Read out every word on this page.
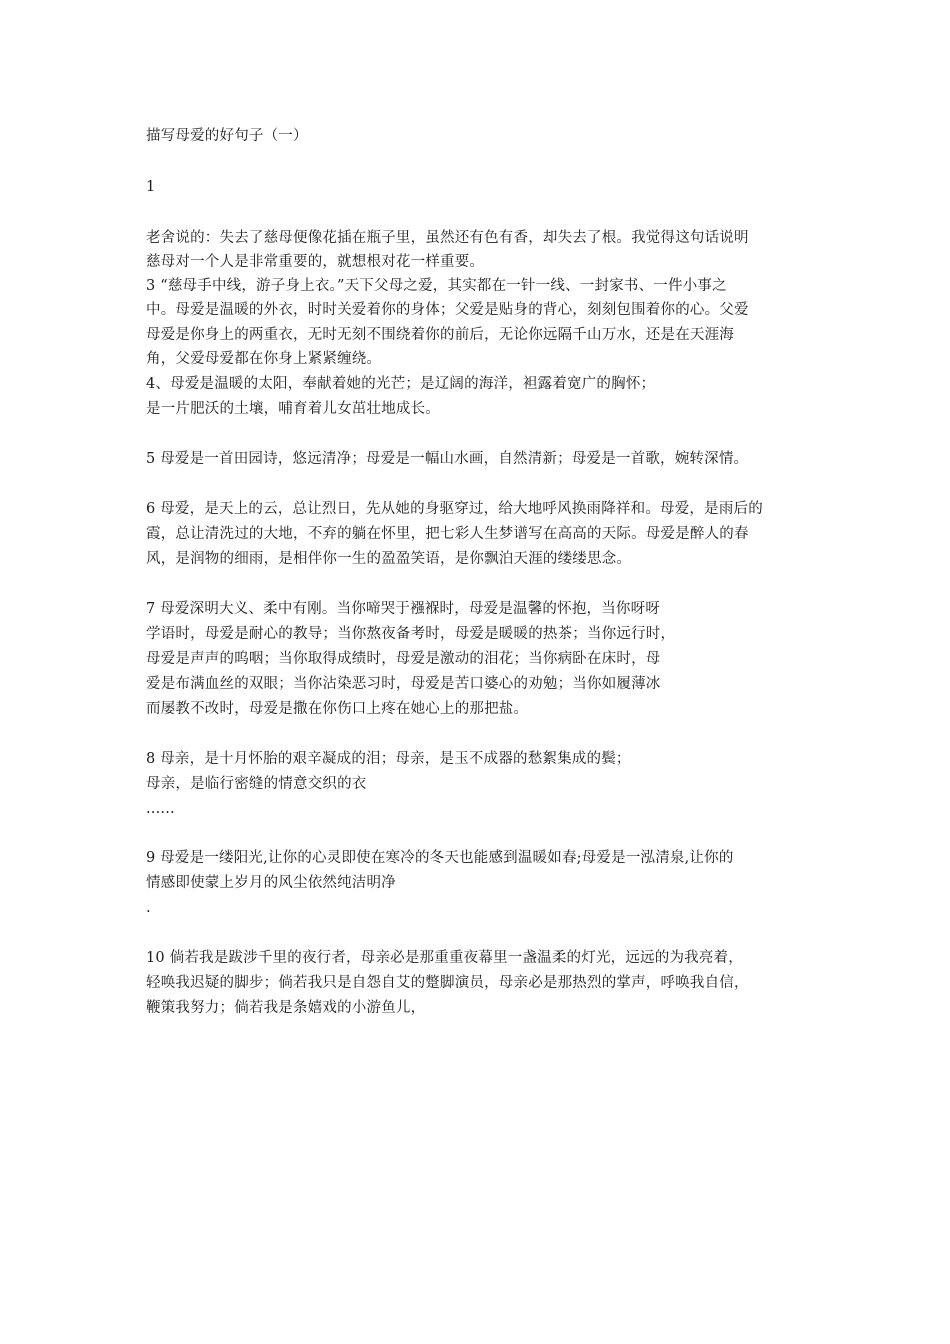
描写母爱的好句子（一）
1
老舍说的：失去了慈母便像花插在瓶子里，虽然还有色有香，却失去了根。我觉得这句话说明
慈母对一个人是非常重要的，就想根对花一样重要。
3 “慈母手中线，游子身上衣。”天下父母之爱，其实都在一针一线、一封家书、一件小事之
中。母爱是温暖的外衣，时时关爱着你的身体；父爱是贴身的背心，刻刻包围着你的心。父爱
母爱是你身上的两重衣，无时无刻不围绕着你的前后，无论你远隔千山万水，还是在天涯海
角，父爱母爱都在你身上紧紧缠绕。
4、母爱是温暖的太阳，奉献着她的光芒；是辽阔的海洋，袒露着宽广的胸怀；
是一片肥沃的土壤，哺育着儿女茁壮地成长。
5 母爱是一首田园诗，悠远清净；母爱是一幅山水画，自然清新；母爱是一首歌，婉转深情。
6 母爱，是天上的云，总让烈日，先从她的身驱穿过，给大地呼风换雨降祥和。母爱，是雨后的
霞，总让清洗过的大地，不弃的躺在怀里，把七彩人生梦谱写在高高的天际。母爱是醉人的春
风，是润物的细雨，是相伴你一生的盈盈笑语，是你飘泊天涯的缕缕思念。
7 母爱深明大义、柔中有刚。当你啼哭于襁褓时，母爱是温馨的怀抱，当你呀呀
学语时，母爱是耐心的教导；当你熬夜备考时，母爱是暖暖的热茶；当你远行时，
母爱是声声的呜咽；当你取得成绩时，母爱是激动的泪花；当你病卧在床时，母
爱是布满血丝的双眼；当你沾染恶习时，母爱是苦口婆心的劝勉；当你如履薄冰
而屡教不改时，母爱是撒在你伤口上疼在她心上的那把盐。
8 母亲，是十月怀胎的艰辛凝成的泪；母亲，是玉不成器的愁絮集成的鬓；
母亲，是临行密缝的情意交织的衣
......
9 母爱是一缕阳光,让你的心灵即使在寒冷的冬天也能感到温暖如春;母爱是一泓清泉,让你的
情感即使蒙上岁月的风尘依然纯洁明净
.
10 倘若我是跋涉千里的夜行者，母亲必是那重重夜幕里一盏温柔的灯光，远远的为我亮着，
轻唤我迟疑的脚步；倘若我只是自怨自艾的蹩脚演员，母亲必是那热烈的掌声，呼唤我自信，
鞭策我努力；倘若我是条嬉戏的小游鱼儿，
